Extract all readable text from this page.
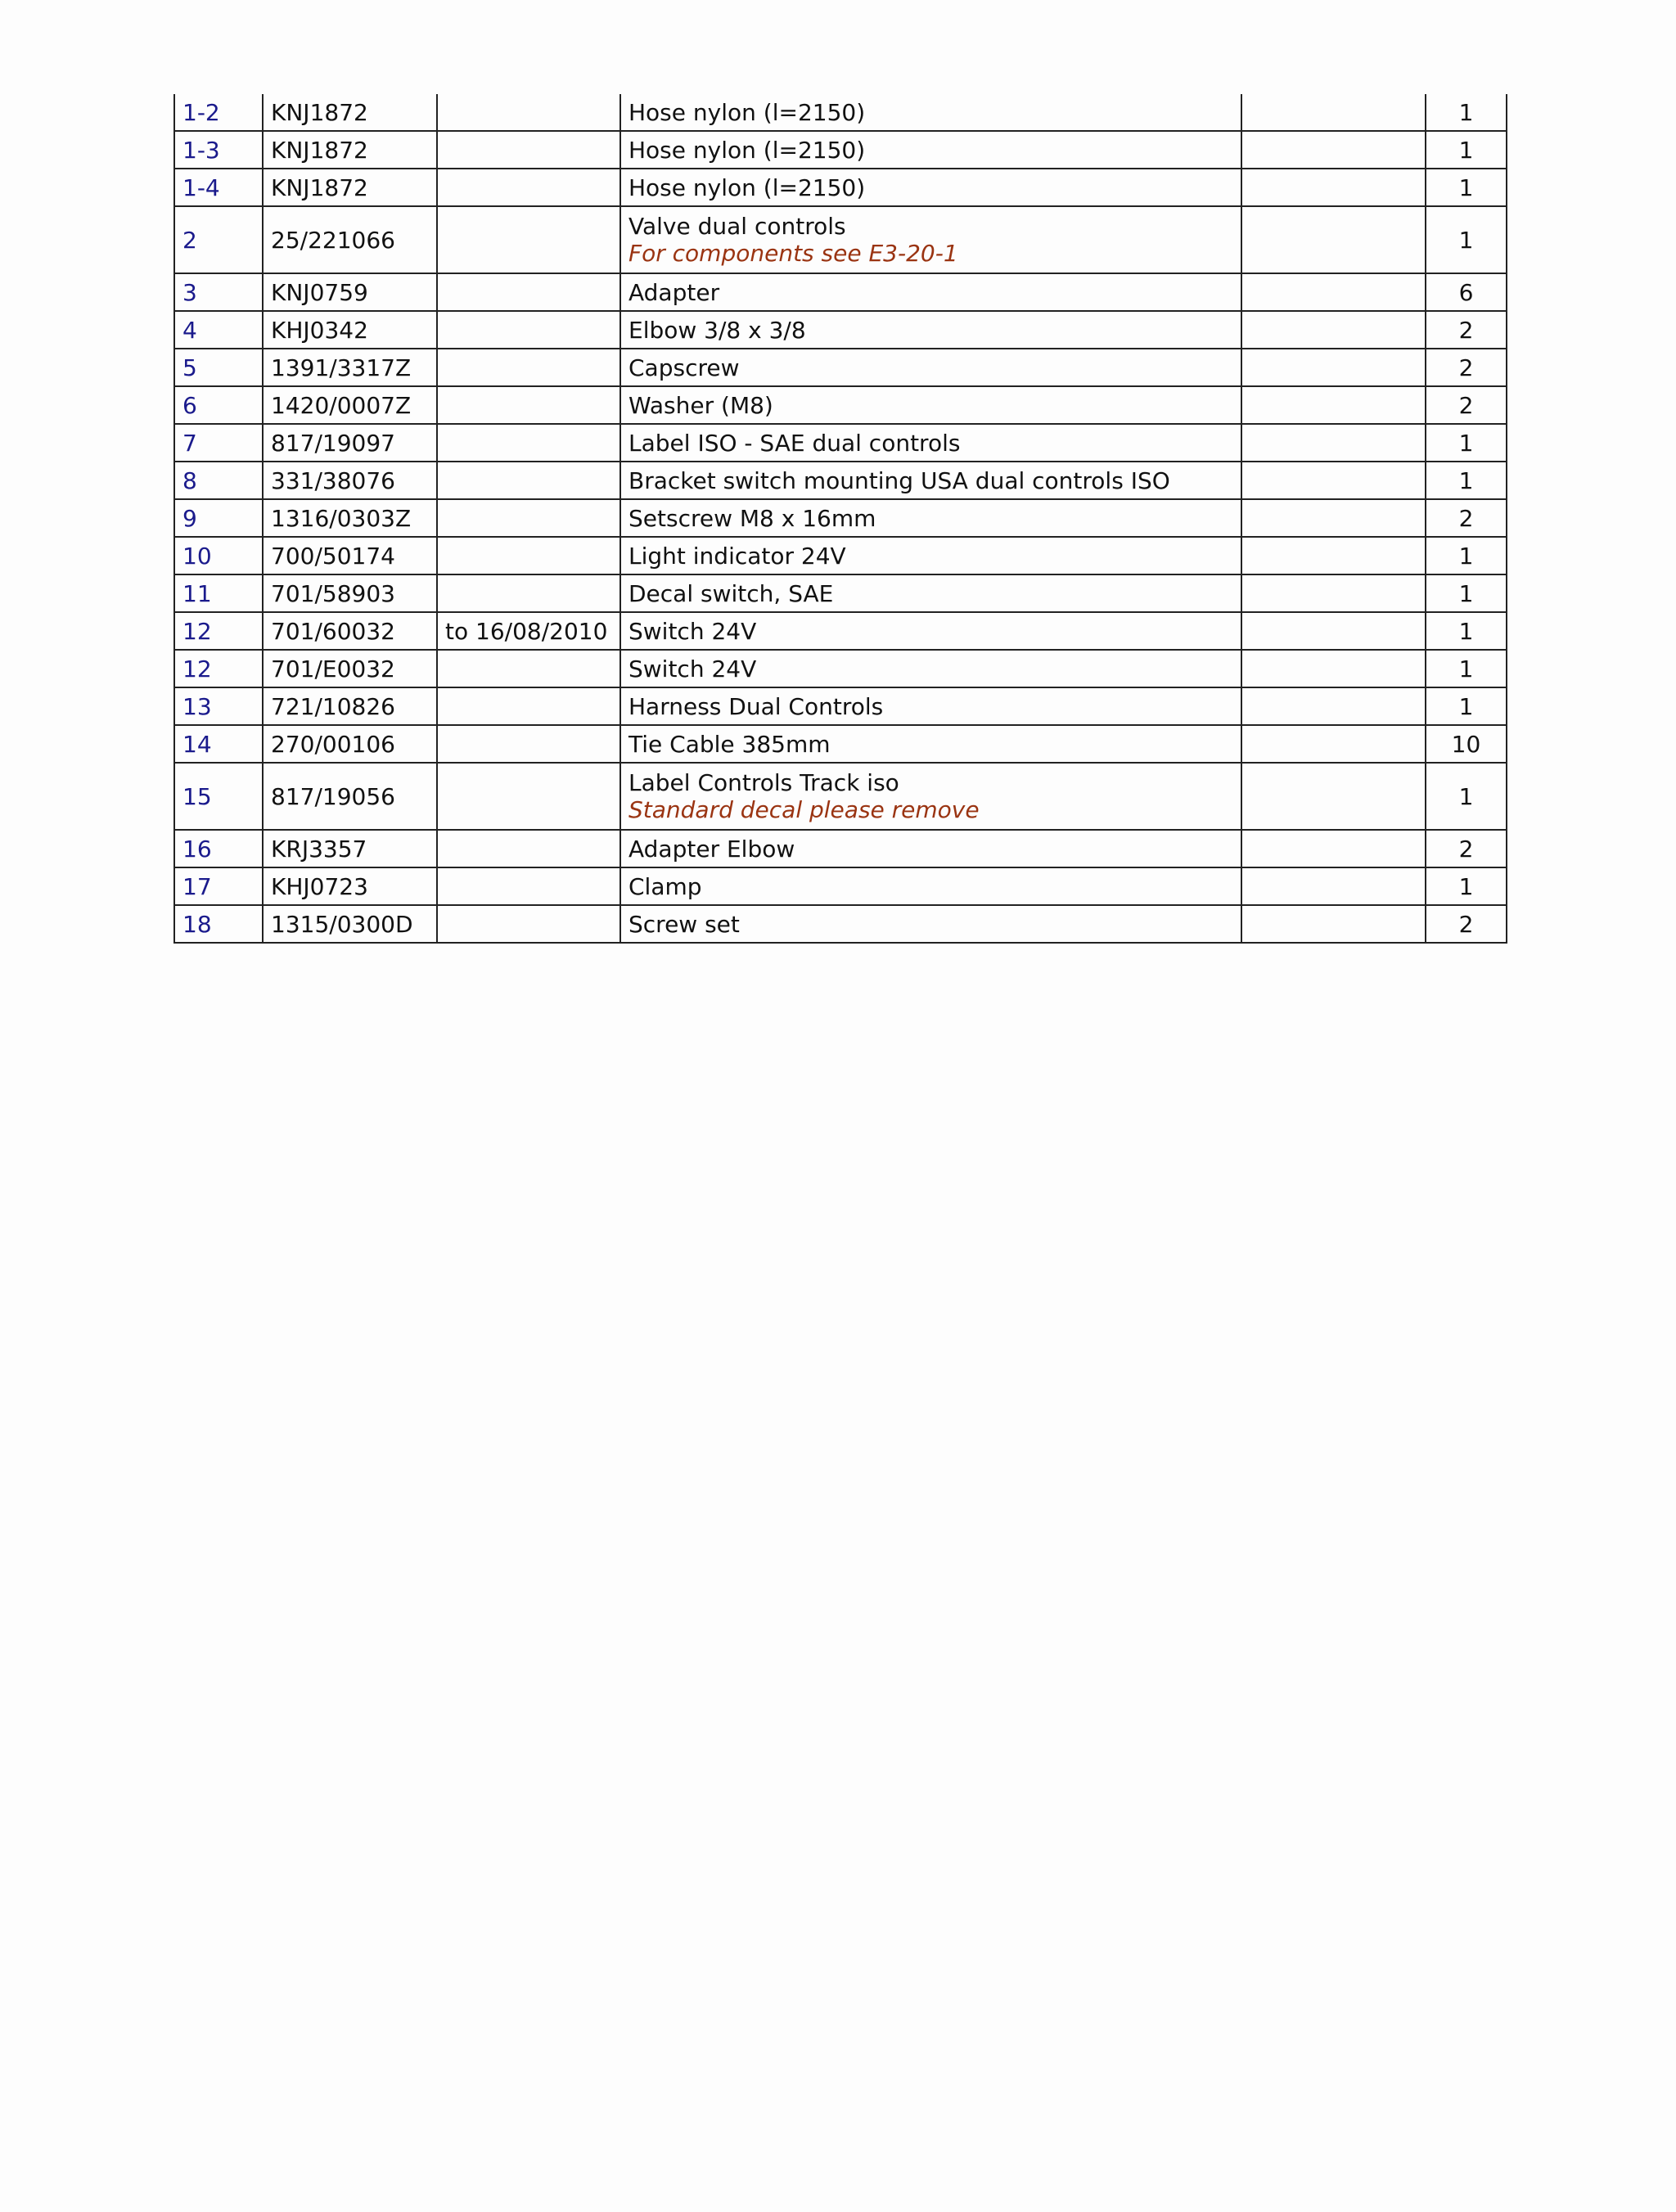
1-2	KNJ1872		Hose nylon (l=2150)		1
1-3	KNJ1872		Hose nylon (l=2150)		1
1-4	KNJ1872		Hose nylon (l=2150)		1
2	25/221066		Valve dual controls
For components see E3-20-1		1
3	KNJ0759		Adapter		6
4	KHJ0342		Elbow 3/8 x 3/8		2
5	1391/3317Z		Capscrew		2
6	1420/0007Z		Washer (M8)		2
7	817/19097		Label ISO - SAE dual controls		1
8	331/38076		Bracket switch mounting USA dual controls ISO		1
9	1316/0303Z		Setscrew M8 x 16mm		2
10	700/50174		Light indicator 24V		1
11	701/58903		Decal switch, SAE		1
12	701/60032	to 16/08/2010	Switch 24V		1
12	701/E0032		Switch 24V		1
13	721/10826		Harness Dual Controls		1
14	270/00106		Tie Cable 385mm		10
15	817/19056		Label Controls Track iso
Standard decal please remove		1
16	KRJ3357		Adapter Elbow		2
17	KHJ0723		Clamp		1
18	1315/0300D		Screw set		2
